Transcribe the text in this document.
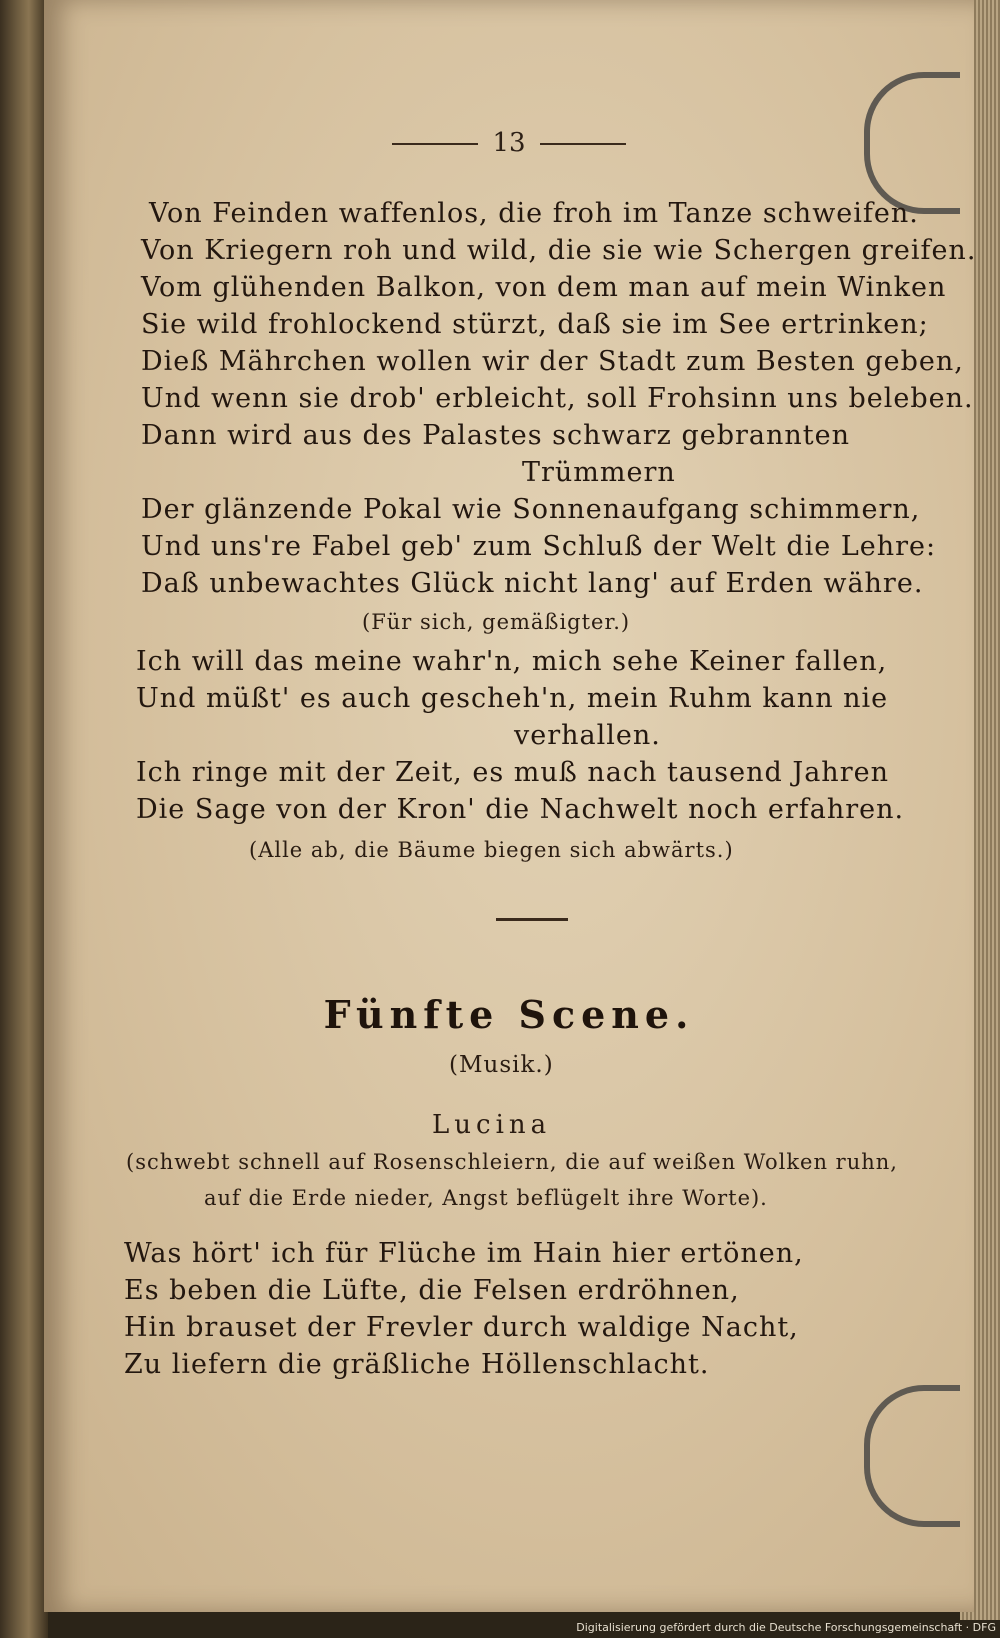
13
Von Feinden waffenlos, die froh im Tanze schweifen.
Von Kriegern roh und wild, die sie wie Schergen greifen.
Vom glühenden Balkon, von dem man auf mein Winken
Sie wild frohlockend stürzt, daß sie im See ertrinken;
Dieß Mährchen wollen wir der Stadt zum Besten geben,
Und wenn sie drob' erbleicht, soll Frohsinn uns beleben.
Dann wird aus des Palastes schwarz gebrannten
Trümmern
Der glänzende Pokal wie Sonnenaufgang schimmern,
Und uns're Fabel geb' zum Schluß der Welt die Lehre:
Daß unbewachtes Glück nicht lang' auf Erden währe.
(Für sich, gemäßigter.)
Ich will das meine wahr'n, mich sehe Keiner fallen,
Und müßt' es auch gescheh'n, mein Ruhm kann nie
verhallen.
Ich ringe mit der Zeit, es muß nach tausend Jahren
Die Sage von der Kron' die Nachwelt noch erfahren.
(Alle ab, die Bäume biegen sich abwärts.)
Fünfte Scene.
(Musik.)
Lucina
(schwebt schnell auf Rosenschleiern, die auf weißen Wolken ruhn,
auf die Erde nieder, Angst beflügelt ihre Worte).
Was hört' ich für Flüche im Hain hier ertönen,
Es beben die Lüfte, die Felsen erdröhnen,
Hin brauset der Frevler durch waldige Nacht,
Zu liefern die gräßliche Höllenschlacht.
Digitalisierung gefördert durch die Deutsche Forschungsgemeinschaft · DFG
